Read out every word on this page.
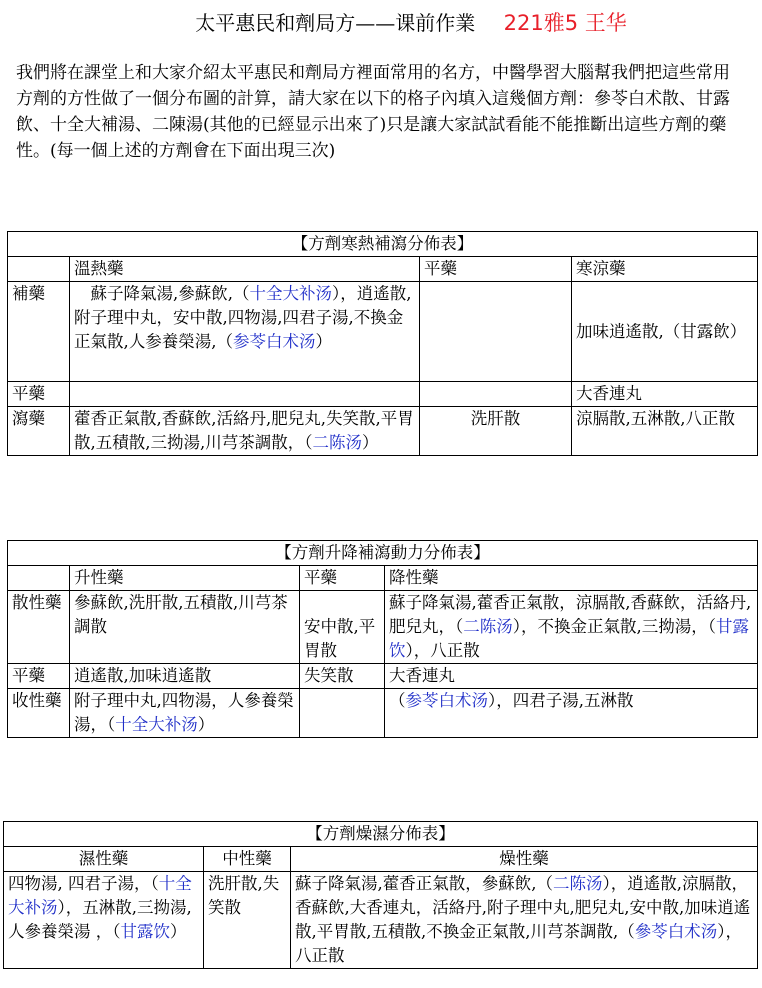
太平惠民和劑局方——课前作業 221雅5 王华

我們將在課堂上和大家介紹太平惠民和劑局方裡面常用的名方，中醫學習大腦幫我們把這些常用方劑的方性做了一個分布圖的計算，請大家在以下的格子內填入這幾個方劑：參苓白术散、甘露飲、十全大補湯、二陳湯(其他的已經显示出來了)只是讓大家試試看能不能推斷出這些方劑的藥性。(每一個上述的方劑會在下面出現三次)

【方劑寒熱補瀉分佈表】			
	溫熱藥	平藥	寒涼藥
補藥	　蘇子降氣湯,參蘇飲,（十全大补汤），逍遙散,附子理中丸，安中散,四物湯,四君子湯,不換金正氣散,人参養榮湯,（参苓白术汤）		加味逍遙散,（甘露飲）
平藥			大香連丸
瀉藥	藿香正氣散,香蘇飲,活絡丹,肥兒丸,失笑散,平胃散,五積散,三拗湯,川芎茶調散，（二陈汤）	洗肝散	涼膈散,五淋散,八正散
【方劑升降補瀉動力分佈表】			
	升性藥	平藥	降性藥
散性藥	參蘇飲,洗肝散,五積散,川芎茶調散	安中散,平胃散	蘇子降氣湯,藿香正氣散，涼膈散,香蘇飲，活絡丹,肥兒丸，（二陈汤），不換金正氣散,三拗湯，（甘露饮），八正散
平藥	逍遙散,加味逍遙散	失笑散	大香連丸
收性藥	附子理中丸,四物湯，人參養榮湯，（十全大补汤）		（参苓白术汤），四君子湯,五淋散
【方劑燥濕分佈表】		
濕性藥	中性藥	燥性藥
四物湯, 四君子湯，（十全大补汤），五淋散,三拗湯,人參養榮湯 ，（甘露饮）	洗肝散,失笑散	蘇子降氣湯,藿香正氣散，參蘇飲,（二陈汤），逍遙散,涼膈散， 香蘇飲,大香連丸，活絡丹,附子理中丸,肥兒丸,安中散,加味逍遙散,平胃散,五積散,不換金正氣散,川芎茶調散,（參苓白术汤），八正散
